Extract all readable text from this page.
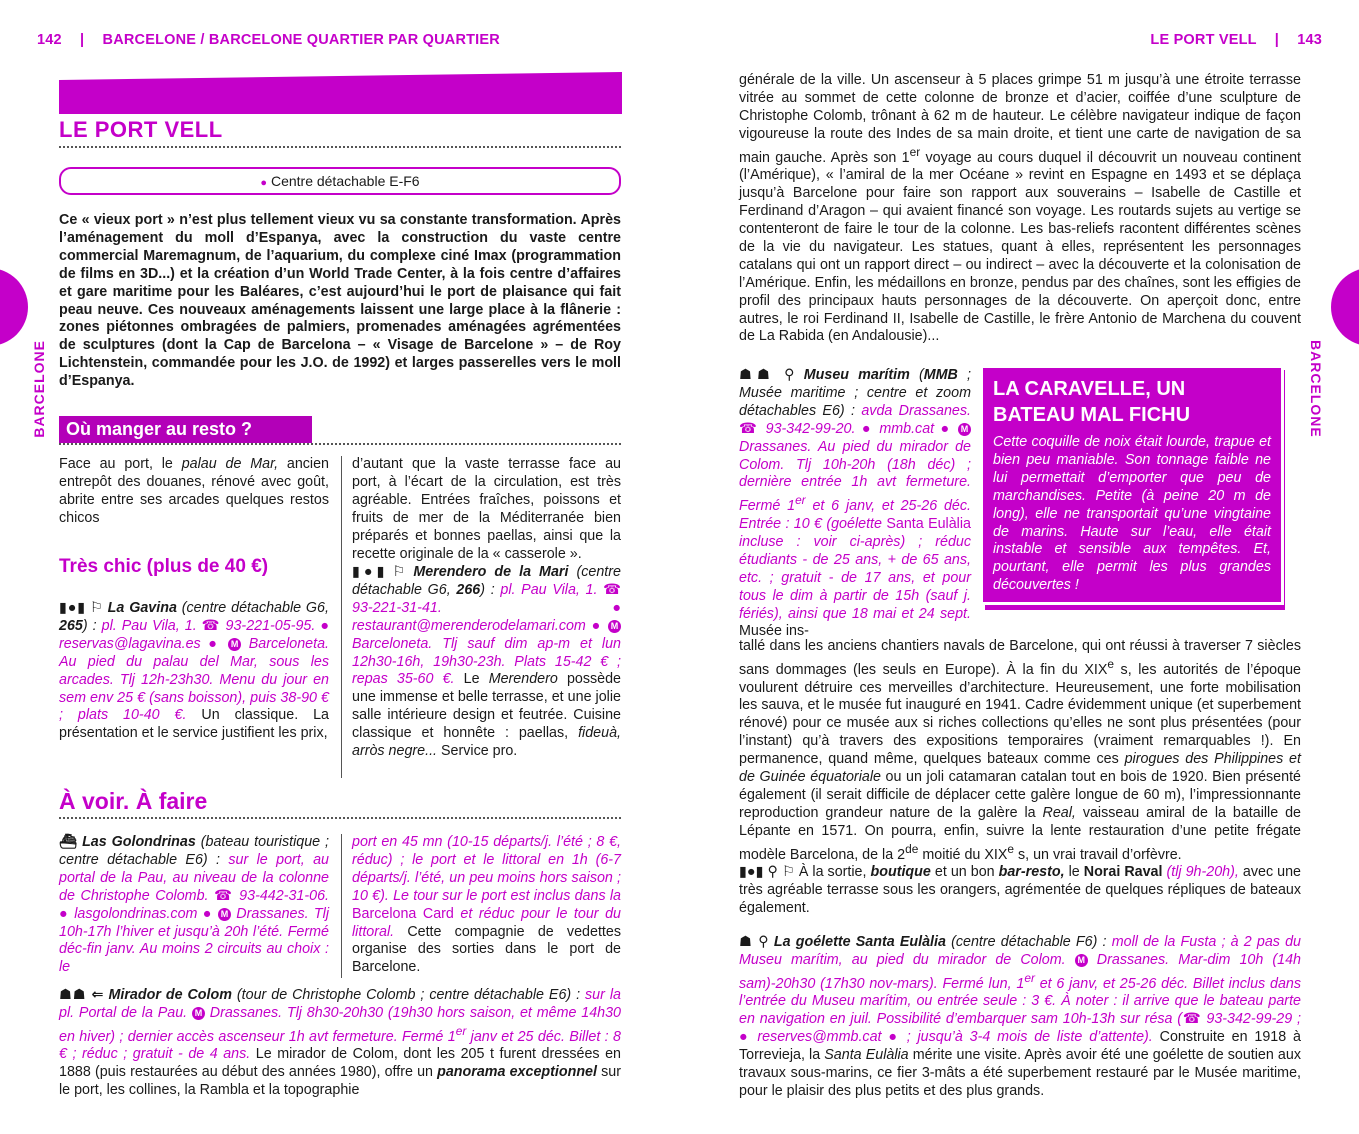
142 | BARCELONE / BARCELONE QUARTIER PAR QUARTIER	LE PORT VELL | 143
BARCELONE	BARCELONE
LE PORT VELL
● Centre détachable E-F6

Ce « vieux port » n’est plus tellement vieux vu sa constante transformation. Après l’aménagement du moll d’Espanya, avec la construction du vaste centre commercial Maremagnum, de l’aquarium, du complexe ciné Imax (programmation de films en 3D...) et la création d’un World Trade Center, à la fois centre d’affaires et gare maritime pour les Baléares, c’est aujourd’hui le port de plaisance qui fait peau neuve. Ces nouveaux aménagements laissent une large place à la flânerie : zones piétonnes ombragées de palmiers, promenades aménagées agrémentées de sculptures (dont la Cap de Barcelona – « Visage de Barcelone » – de Roy Lichtenstein, commandée pour les J.O. de 1992) et larges passerelles vers le moll d’Espanya.

Où manger au resto ?

Face au port, le palau de Mar, ancien entrepôt des douanes, rénové avec goût, abrite entre ses arcades quelques restos chicos

d’autant que la vaste terrasse face au port, à l’écart de la circulation, est très agréable. Entrées fraîches, poissons et fruits de mer de la Méditerranée bien préparés et bonnes paellas, ainsi que la recette originale de la « casserole ».

Très chic (plus de 40 €)

▮●▮ ⚐ La Gavina (centre détachable G6, 265) : pl. Pau Vila, 1. ☎ 93-221-05-95. ● reservas@lagavina.es ● M Barceloneta. Au pied du palau del Mar, sous les arcades. Tlj 12h-23h30. Menu du jour en sem env 25 € (sans boisson), puis 38-90 € ; plats 10-40 €. Un classique. La présentation et le service justifient les prix,

▮●▮ ⚐ Merendero de la Mari (centre détachable G6, 266) : pl. Pau Vila, 1. ☎ 93-221-31-41. ● restaurant@merenderodelamari.com ● M Barceloneta. Tlj sauf dim ap-m et lun 12h30-16h, 19h30-23h. Plats 15-42 € ; repas 35-60 €. Le Merendero possède une immense et belle terrasse, et une jolie salle intérieure design et feutrée. Cuisine classique et honnête : paellas, fideuà, arròs negre... Service pro.

À voir. À faire

⛴ Las Golondrinas (bateau touristique ; centre détachable E6) : sur le port, au portal de la Pau, au niveau de la colonne de Christophe Colomb. ☎ 93-442-31-06. ● lasgolondrinas.com ● M Drassanes. Tlj 10h-17h l’hiver et jusqu’à 20h l’été. Fermé déc-fin janv. Au moins 2 circuits au choix : le

port en 45 mn (10-15 départs/j. l’été ; 8 €, réduc) ; le port et le littoral en 1h (6-7 départs/j. l’été, un peu moins hors saison ; 10 €). Le tour sur le port est inclus dans la Barcelona Card et réduc pour le tour du littoral. Cette compagnie de vedettes organise des sorties dans le port de Barcelone.

☗☗ ⇐ Mirador de Colom (tour de Christophe Colomb ; centre détachable E6) : sur la pl. Portal de la Pau. M Drassanes. Tlj 8h30-20h30 (19h30 hors saison, et même 14h30 en hiver) ; dernier accès ascenseur 1h avt fermeture. Fermé 1er janv et 25 déc. Billet : 8 € ; réduc ; gratuit - de 4 ans. Le mirador de Colom, dont les 205 t furent dressées en 1888 (puis restaurées au début des années 1980), offre un panorama exceptionnel sur le port, les collines, la Rambla et la topographie

générale de la ville. Un ascenseur à 5 places grimpe 51 m jusqu’à une étroite terrasse vitrée au sommet de cette colonne de bronze et d’acier, coiffée d’une sculpture de Christophe Colomb, trônant à 62 m de hauteur. Le célèbre navigateur indique de façon vigoureuse la route des Indes de sa main droite, et tient une carte de navigation de sa main gauche. Après son 1er voyage au cours duquel il découvrit un nouveau continent (l’Amérique), « l’amiral de la mer Océane » revint en Espagne en 1493 et se déplaça jusqu’à Barcelone pour faire son rapport aux souverains – Isabelle de Castille et Ferdinand d’Aragon – qui avaient financé son voyage. Les routards sujets au vertige se contenteront de faire le tour de la colonne. Les bas-reliefs racontent différentes scènes de la vie du navigateur. Les statues, quant à elles, représentent les personnages catalans qui ont un rapport direct – ou indirect – avec la découverte et la colonisation de l’Amérique. Enfin, les médaillons en bronze, pendus par des chaînes, sont les effigies de profil des principaux hauts personnages de la découverte. On aperçoit donc, entre autres, le roi Ferdinand II, Isabelle de Castille, le frère Antonio de Marchena du couvent de La Rabida (en Andalousie)...

☗☗ ⚲ Museu marítim (MMB ; Musée maritime ; centre et zoom détachables E6) : avda Drassanes. ☎ 93-342-99-20. ● mmb.cat ● M Drassanes. Au pied du mirador de Colom. Tlj 10h-20h (18h déc) ; dernière entrée 1h avt fermeture. Fermé 1er et 6 janv, et 25-26 déc. Entrée : 10 € (goélette Santa Eulàlia incluse : voir ci-après) ; réduc étudiants - de 25 ans, + de 65 ans, etc. ; gratuit - de 17 ans, et pour tous le dim à partir de 15h (sauf j. fériés), ainsi que 18 mai et 24 sept. Musée ins-

LA CARAVELLE, UN BATEAU MAL FICHU
Cette coquille de noix était lourde, trapue et bien peu maniable. Son tonnage faible ne lui permettait d’emporter que peu de marchandises. Petite (à peine 20 m de long), elle ne transportait qu’une vingtaine de marins. Haute sur l’eau, elle était instable et sensible aux tempêtes. Et, pourtant, elle permit les plus grandes découvertes !

tallé dans les anciens chantiers navals de Barcelone, qui ont réussi à traverser 7 siècles sans dommages (les seuls en Europe). À la fin du XIXe s, les autorités de l’époque voulurent détruire ces merveilles d’architecture. Heureusement, une forte mobilisation les sauva, et le musée fut inauguré en 1941. Cadre évidemment unique (et superbement rénové) pour ce musée aux si riches collections qu’elles ne sont plus présentées (pour l’instant) qu’à travers des expositions temporaires (vraiment remarquables !). En permanence, quand même, quelques bateaux comme ces pirogues des Philippines et de Guinée équatoriale ou un joli catamaran catalan tout en bois de 1920. Bien présenté également (il serait difficile de déplacer cette galère longue de 60 m), l’impressionnante reproduction grandeur nature de la galère la Real, vaisseau amiral de la bataille de Lépante en 1571. On pourra, enfin, suivre la lente restauration d’une petite frégate modèle Barcelona, de la 2de moitié du XIXe s, un vrai travail d’orfèvre.

▮●▮ ⚲ ⚐ À la sortie, boutique et un bon bar-resto, le Norai Raval (tlj 9h-20h), avec une très agréable terrasse sous les orangers, agrémentée de quelques répliques de bateaux également.

☗ ⚲ La goélette Santa Eulàlia (centre détachable F6) : moll de la Fusta ; à 2 pas du Museu marítim, au pied du mirador de Colom. M Drassanes. Mar-dim 10h (14h sam)-20h30 (17h30 nov-mars). Fermé lun, 1er et 6 janv, et 25-26 déc. Billet inclus dans l’entrée du Museu marítim, ou entrée seule : 3 €. À noter : il arrive que le bateau parte en navigation en juil. Possibilité d’embarquer sam 10h-13h sur résa (☎ 93-342-99-29 ; ● reserves@mmb.cat ● ; jusqu’à 3-4 mois de liste d’attente). Construite en 1918 à Torrevieja, la Santa Eulàlia mérite une visite. Après avoir été une goélette de soutien aux travaux sous-marins, ce fier 3-mâts a été superbement restauré par le Musée maritime, pour le plaisir des plus petits et des plus grands.
